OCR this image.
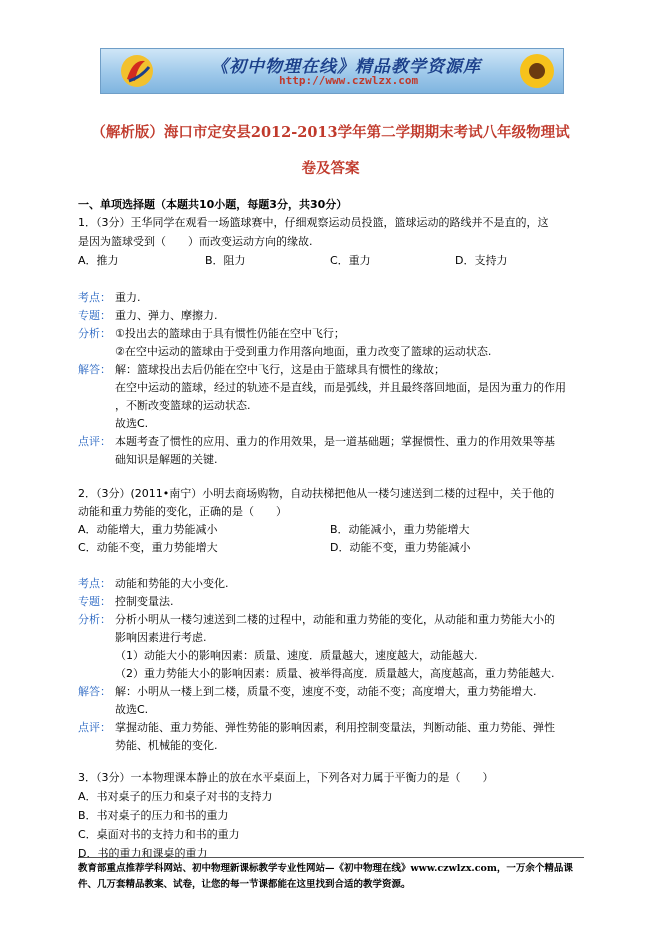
《初中物理在线》精品教学资源库
http://www.czwlzx.com
（解析版）海口市定安县2012-2013学年第二学期期末考试八年级物理试
卷及答案
一、单项选择题（本题共10小题，每题3分，共30分）
1．（3分）王华同学在观看一场篮球赛中，仔细观察运动员投篮，篮球运动的路线并不是直的，这
是因为篮球受到（　　）而改变运动方向的缘故.
A．推力	B．阻力	C．重力	D．支持力
考点： 重力.
专题： 重力、弹力、摩擦力.
分析： ①投出去的篮球由于具有惯性仍能在空中飞行；
②在空中运动的篮球由于受到重力作用落向地面，重力改变了篮球的运动状态.
解答： 解：篮球投出去后仍能在空中飞行，这是由于篮球具有惯性的缘故；
在空中运动的篮球，经过的轨迹不是直线，而是弧线，并且最终落回地面，是因为重力的作用
，不断改变篮球的运动状态.
故选C.
点评： 本题考查了惯性的应用、重力的作用效果，是一道基础题；掌握惯性、重力的作用效果等基
础知识是解题的关键.
2．（3分）(2011•南宁）小明去商场购物，自动扶梯把他从一楼匀速送到二楼的过程中，关于他的
动能和重力势能的变化，正确的是（　　）
A．动能增大，重力势能减小	B．动能减小，重力势能增大
C．动能不变，重力势能增大	D．动能不变，重力势能减小
考点： 动能和势能的大小变化.
专题： 控制变量法.
分析： 分析小明从一楼匀速送到二楼的过程中，动能和重力势能的变化，从动能和重力势能大小的
影响因素进行考虑.
（1）动能大小的影响因素：质量、速度．质量越大，速度越大，动能越大.
（2）重力势能大小的影响因素：质量、被举得高度．质量越大，高度越高，重力势能越大.
解答： 解：小明从一楼上到二楼，质量不变，速度不变，动能不变；高度增大，重力势能增大.
故选C.
点评： 掌握动能、重力势能、弹性势能的影响因素，利用控制变量法，判断动能、重力势能、弹性
势能、机械能的变化.
3．（3分）一本物理课本静止的放在水平桌面上，下列各对力属于平衡力的是（　　）
A．书对桌子的压力和桌子对书的支持力
B．书对桌子的压力和书的重力
C．桌面对书的支持力和书的重力
D．书的重力和课桌的重力
教育部重点推荐学科网站、初中物理新课标教学专业性网站—《初中物理在线》www.czwlzx.com，一万余个精品课
件、几万套精品教案、试卷，让您的每一节课都能在这里找到合适的教学资源。
